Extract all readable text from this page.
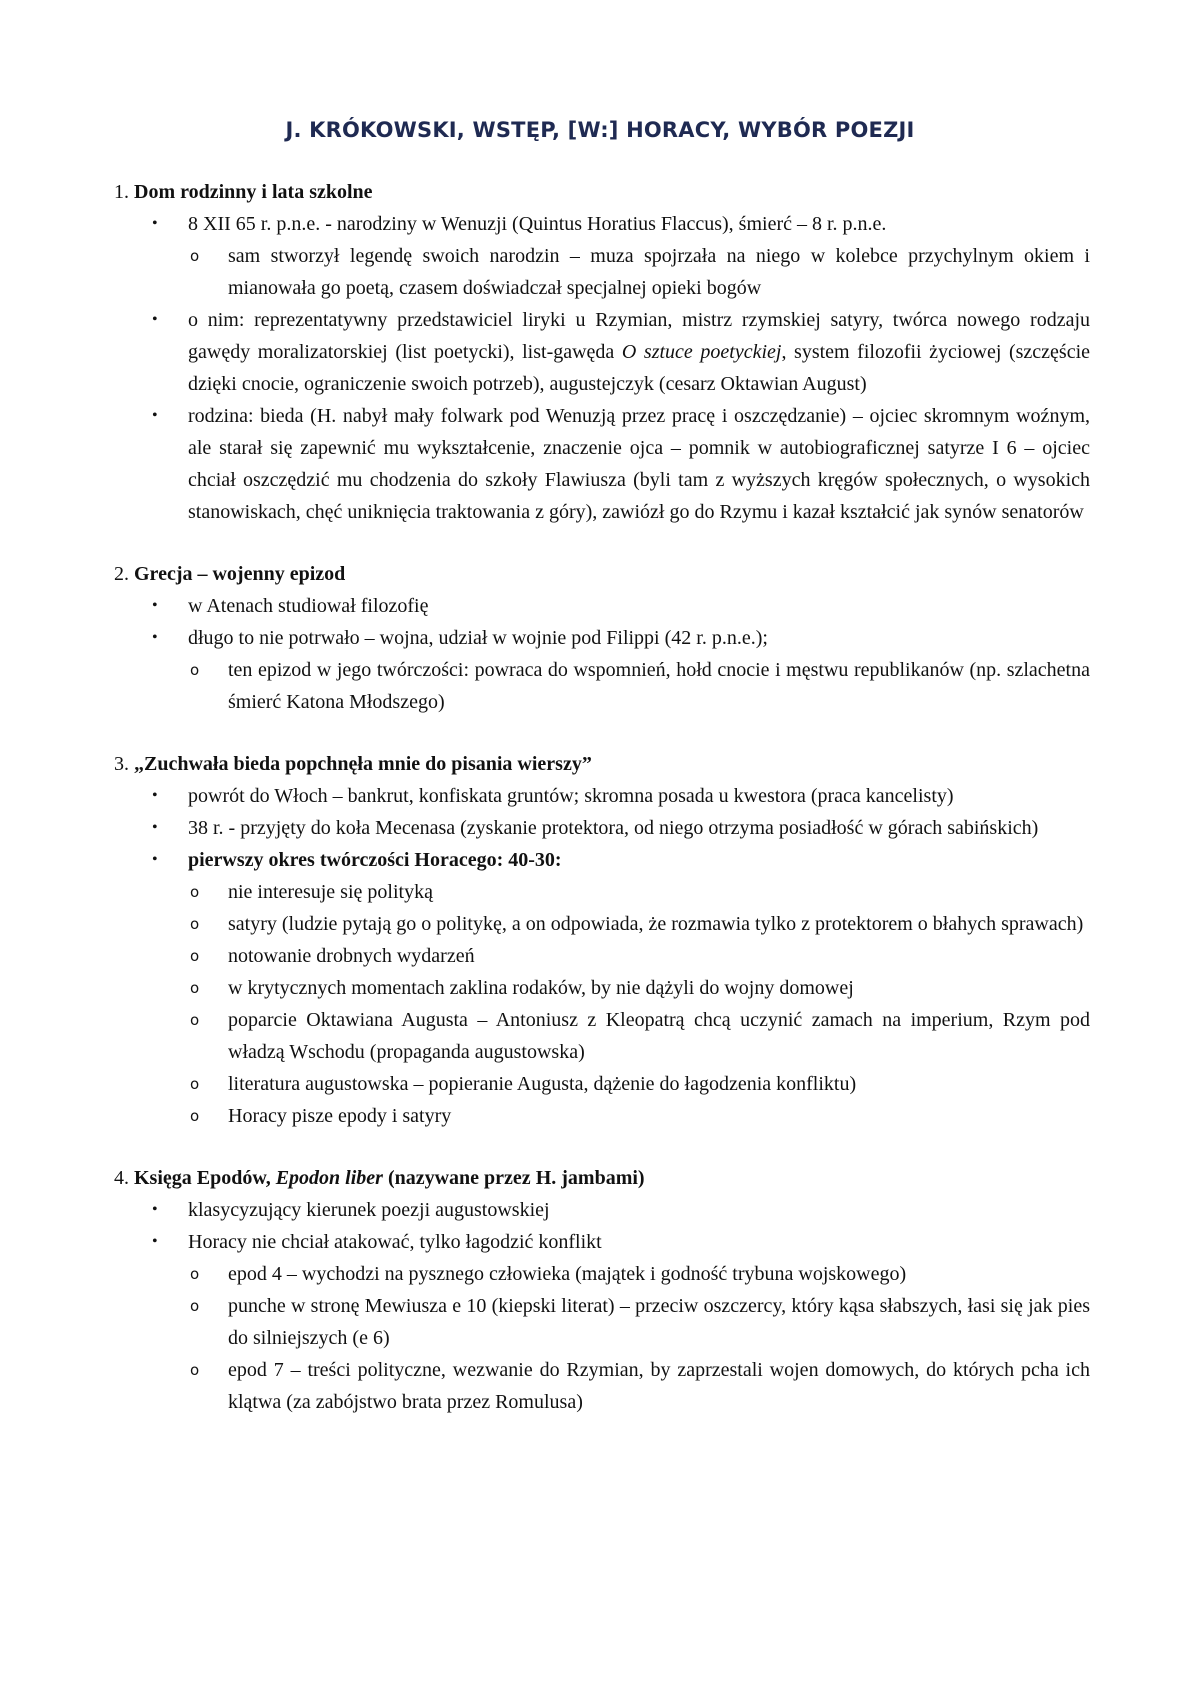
J. KRÓKOWSKI, WSTĘP, [W:] HORACY, WYBÓR POEZJI
1. Dom rodzinny i lata szkolne
•	8 XII 65 r. p.n.e. - narodziny w Wenuzji (Quintus Horatius Flaccus), śmierć – 8 r. p.n.e.
o sam stworzył legendę swoich narodzin – muza spojrzała na niego w kolebce przychylnym okiem i mianowała go poetą, czasem doświadczał specjalnej opieki bogów
• o nim: reprezentatywny przedstawiciel liryki u Rzymian, mistrz rzymskiej satyry, twórca nowego rodzaju gawędy moralizatorskiej (list poetycki), list-gawęda O sztuce poetyckiej, system filozofii życiowej (szczęście dzięki cnocie, ograniczenie swoich potrzeb), augustejczyk (cesarz Oktawian August)
• rodzina: bieda (H. nabył mały folwark pod Wenuzją przez pracę i oszczędzanie) – ojciec skromnym woźnym, ale starał się zapewnić mu wykształcenie, znaczenie ojca – pomnik w autobiograficznej satyrze I 6 – ojciec chciał oszczędzić mu chodzenia do szkoły Flawiusza (byli tam z wyższych kręgów społecznych, o wysokich stanowiskach, chęć uniknięcia traktowania z góry), zawiózł go do Rzymu i kazał kształcić jak synów senatorów
2. Grecja – wojenny epizod
• w Atenach studiował filozofię
•	długo to nie potrwało – wojna, udział w wojnie pod Filippi (42 r. p.n.e.);
o ten epizod w jego twórczości: powraca do wspomnień, hołd cnocie i męstwu republikanów (np. szlachetna śmierć Katona Młodszego)
3. „Zuchwała bieda popchnęła mnie do pisania wierszy”
• powrót do Włoch – bankrut, konfiskata gruntów; skromna posada u kwestora (praca kancelisty)
• 38 r. - przyjęty do koła Mecenasa (zyskanie protektora, od niego otrzyma posiadłość w górach sabińskich)
•	pierwszy okres twórczości Horacego: 40-30:
o nie interesuje się polityką
o satyry (ludzie pytają go o politykę, a on odpowiada, że rozmawia tylko z protektorem o błahych sprawach)
o notowanie drobnych wydarzeń
o w krytycznych momentach zaklina rodaków, by nie dążyli do wojny domowej
o poparcie Oktawiana Augusta – Antoniusz z Kleopatrą chcą uczynić zamach na imperium, Rzym pod władzą Wschodu (propaganda augustowska)
o literatura augustowska – popieranie Augusta, dążenie do łagodzenia konfliktu)
o Horacy pisze epody i satyry
4. Księga Epodów, Epodon liber (nazywane przez H. jambami)
• klasycyzujący kierunek poezji augustowskiej
•	Horacy nie chciał atakować, tylko łagodzić konflikt
o epod 4 – wychodzi na pysznego człowieka (majątek i godność trybuna wojskowego)
o punche w stronę Mewiusza e 10 (kiepski literat) – przeciw oszczercy, który kąsa słabszych, łasi się jak pies do silniejszych (e 6)
o epod 7 – treści polityczne, wezwanie do Rzymian, by zaprzestali wojen domowych, do których pcha ich klątwa (za zabójstwo brata przez Romulusa)
